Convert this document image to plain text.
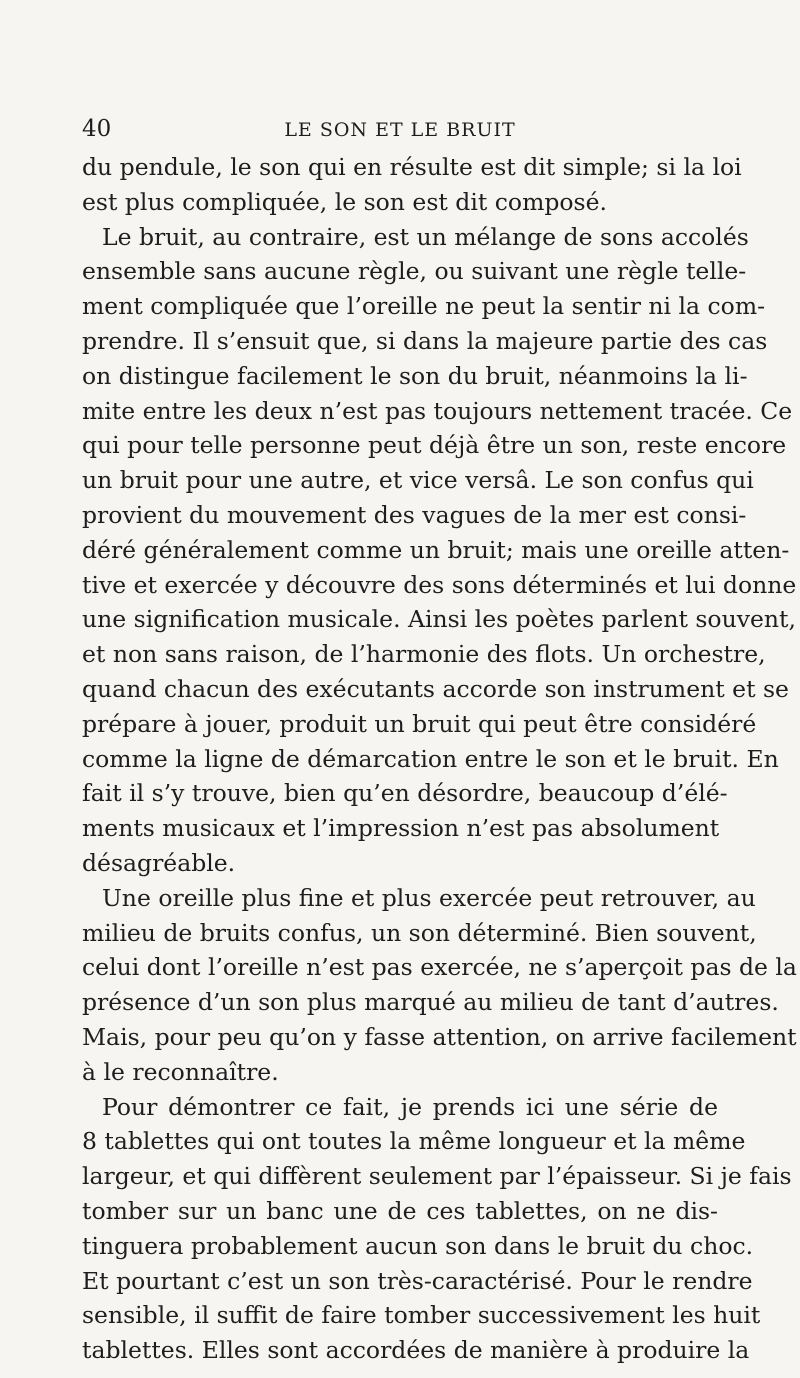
40	LE SON ET LE BRUIT
du pendule, le son qui en résulte est dit simple; si la loi
est plus compliquée, le son est dit composé.
Le bruit, au contraire, est un mélange de sons accolés
ensemble sans aucune règle, ou suivant une règle telle-
ment compliquée que l’oreille ne peut la sentir ni la com-
prendre. Il s’ensuit que, si dans la majeure partie des cas
on distingue facilement le son du bruit, néanmoins la li-
mite entre les deux n’est pas toujours nettement tracée. Ce
qui pour telle personne peut déjà être un son, reste encore
un bruit pour une autre, et vice versâ. Le son confus qui
provient du mouvement des vagues de la mer est consi-
déré généralement comme un bruit; mais une oreille atten-
tive et exercée y découvre des sons déterminés et lui donne
une signification musicale. Ainsi les poètes parlent souvent,
et non sans raison, de l’harmonie des flots. Un orchestre,
quand chacun des exécutants accorde son instrument et se
prépare à jouer, produit un bruit qui peut être considéré
comme la ligne de démarcation entre le son et le bruit. En
fait il s’y trouve, bien qu’en désordre, beaucoup d’élé-
ments musicaux et l’impression n’est pas absolument
désagréable.
Une oreille plus fine et plus exercée peut retrouver, au
milieu de bruits confus, un son déterminé. Bien souvent,
celui dont l’oreille n’est pas exercée, ne s’aperçoit pas de la
présence d’un son plus marqué au milieu de tant d’autres.
Mais, pour peu qu’on y fasse attention, on arrive facilement
à le reconnaître.
Pour démontrer ce fait, je prends ici une série de
8 tablettes qui ont toutes la même longueur et la même
largeur, et qui diffèrent seulement par l’épaisseur. Si je fais
tomber sur un banc une de ces tablettes, on ne dis-
tinguera probablement aucun son dans le bruit du choc.
Et pourtant c’est un son très-caractérisé. Pour le rendre
sensible, il suffit de faire tomber successivement les huit
tablettes. Elles sont accordées de manière à produire la
